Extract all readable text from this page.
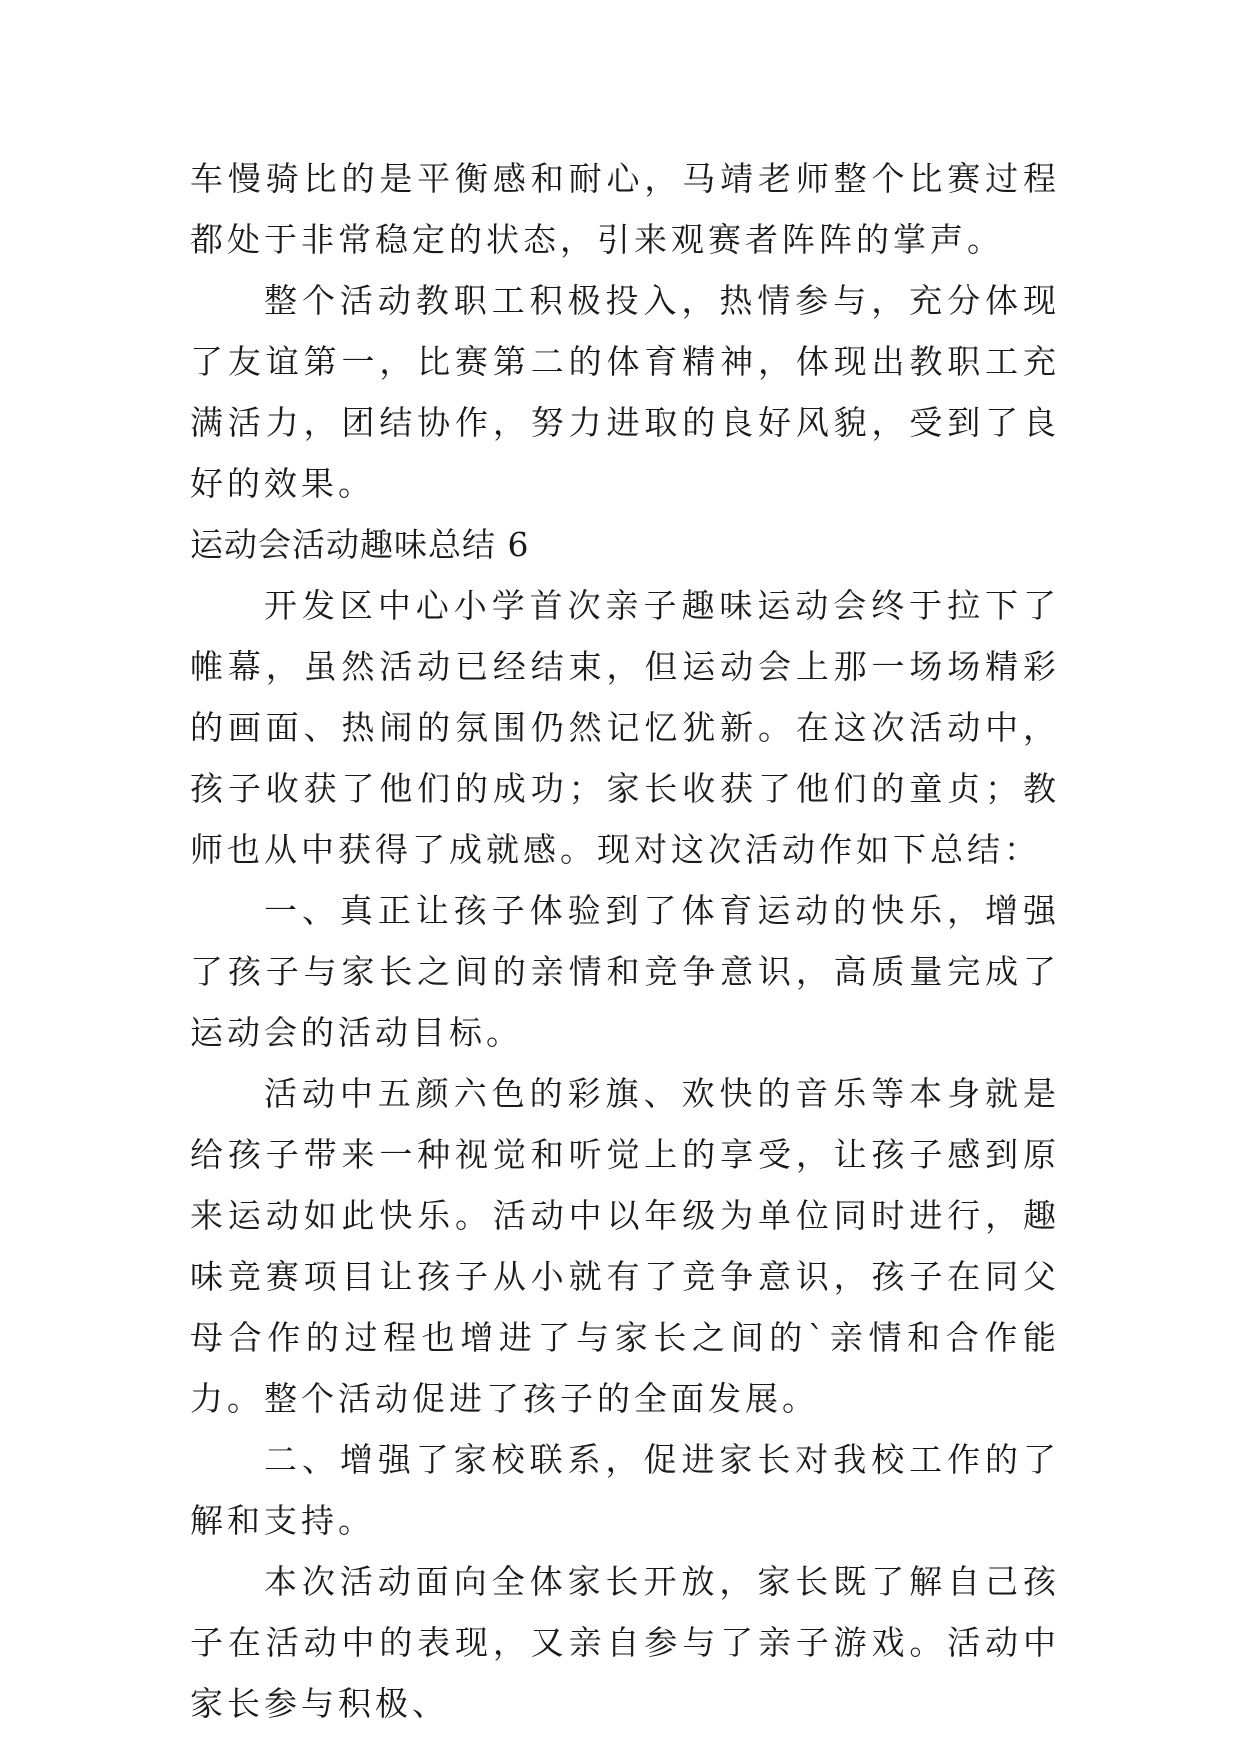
车慢骑比的是平衡感和耐心，马靖老师整个比赛过程都处于非常稳定的状态，引来观赛者阵阵的掌声。

整个活动教职工积极投入，热情参与，充分体现了友谊第一，比赛第二的体育精神，体现出教职工充满活力，团结协作，努力进取的良好风貌，受到了良好的效果。

运动会活动趣味总结 6

开发区中心小学首次亲子趣味运动会终于拉下了帷幕，虽然活动已经结束，但运动会上那一场场精彩的画面、热闹的氛围仍然记忆犹新。在这次活动中，孩子收获了他们的成功；家长收获了他们的童贞；教师也从中获得了成就感。现对这次活动作如下总结：

一、真正让孩子体验到了体育运动的快乐，增强了孩子与家长之间的亲情和竞争意识，高质量完成了运动会的活动目标。

活动中五颜六色的彩旗、欢快的音乐等本身就是给孩子带来一种视觉和听觉上的享受，让孩子感到原来运动如此快乐。活动中以年级为单位同时进行，趣味竞赛项目让孩子从小就有了竞争意识，孩子在同父母合作的过程也增进了与家长之间的`亲情和合作能力。整个活动促进了孩子的全面发展。

二、增强了家校联系，促进家长对我校工作的了解和支持。

本次活动面向全体家长开放，家长既了解自己孩子在活动中的表现，又亲自参与了亲子游戏。活动中家长参与积极、
